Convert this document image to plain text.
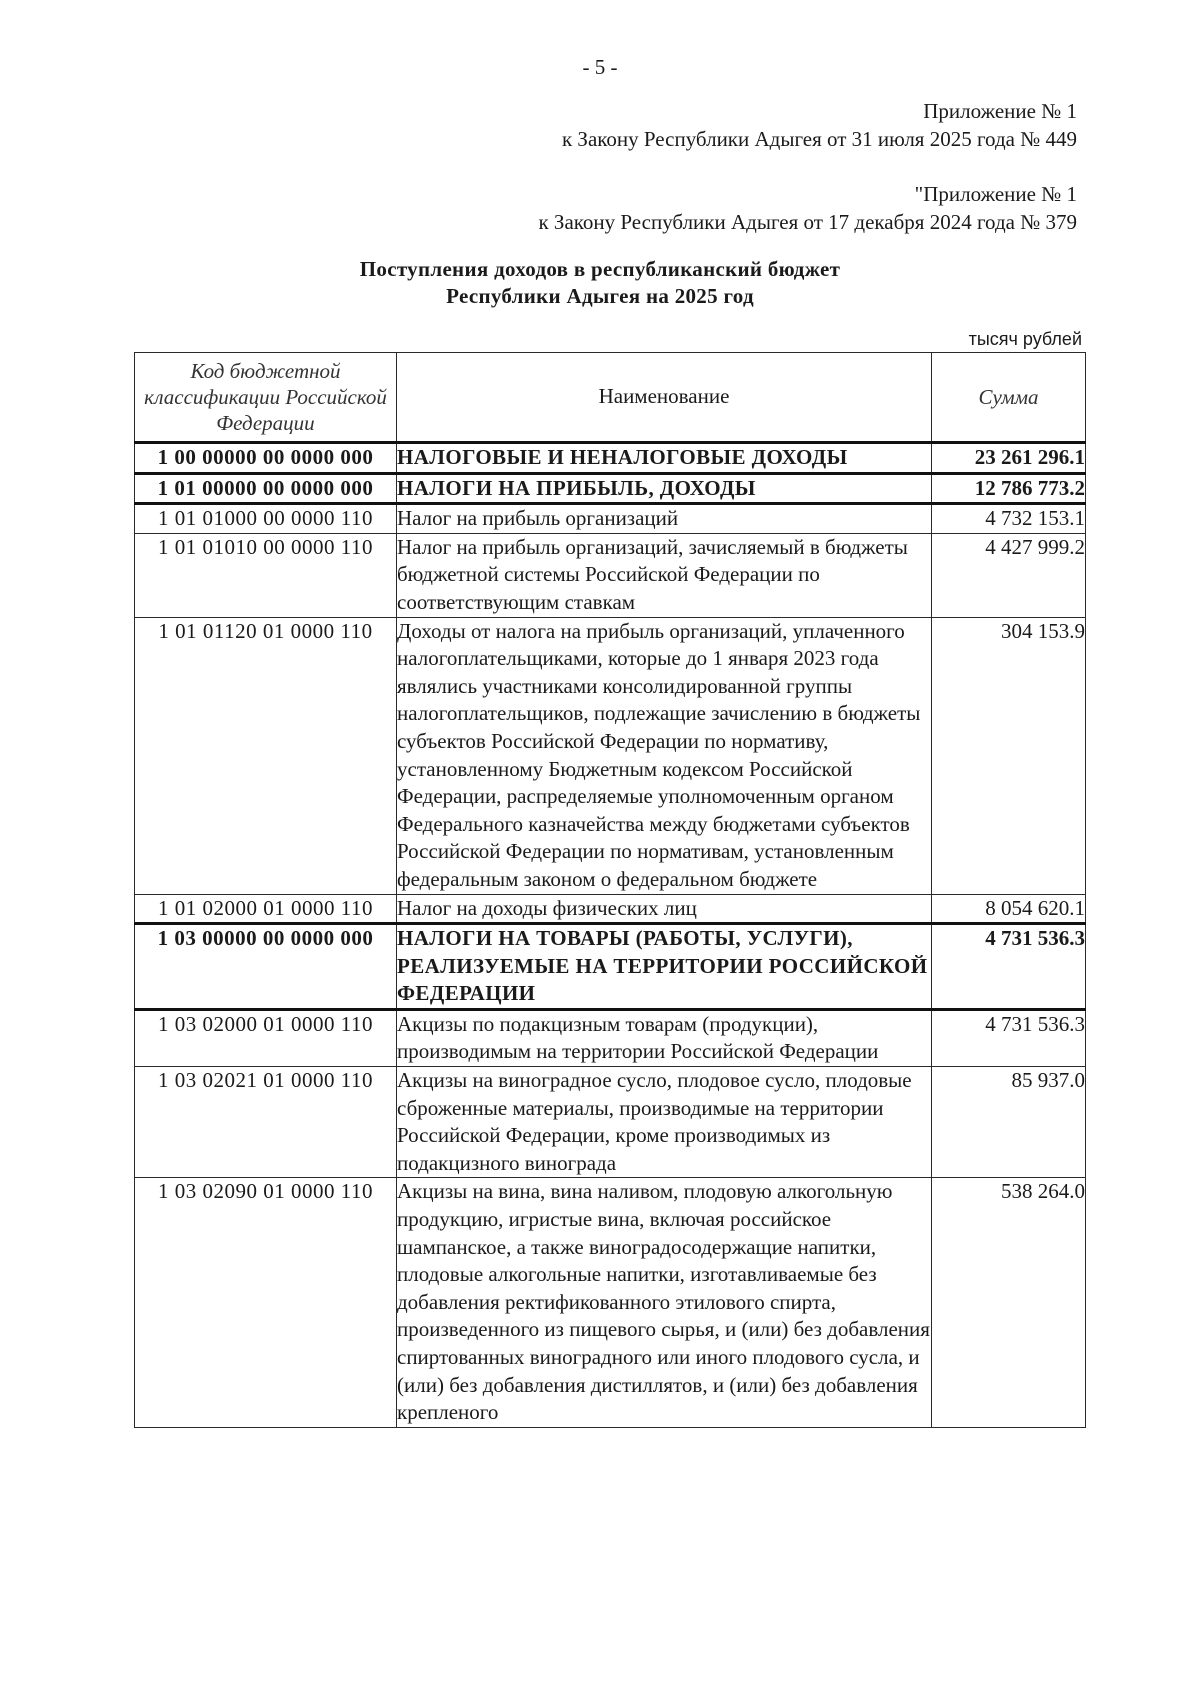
- 5 -
Приложение № 1
к Закону Республики Адыгея от 31 июля 2025 года № 449
"Приложение № 1
к Закону Республики Адыгея от 17 декабря 2024 года № 379
Поступления доходов в республиканский бюджет
Республики Адыгея на 2025 год
тысяч рублей
Код бюджетной классификации Российской Федерации	Наименование	Сумма
1 00 00000 00 0000 000	НАЛОГОВЫЕ И НЕНАЛОГОВЫЕ ДОХОДЫ	23 261 296.1
1 01 00000 00 0000 000	НАЛОГИ НА ПРИБЫЛЬ, ДОХОДЫ	12 786 773.2
1 01 01000 00 0000 110	Налог на прибыль организаций	4 732 153.1
1 01 01010 00 0000 110	Налог на прибыль организаций, зачисляемый в бюджеты бюджетной системы Российской Федерации по соответствующим ставкам	4 427 999.2
1 01 01120 01 0000 110	Доходы от налога на прибыль организаций, уплаченного налогоплательщиками, которые до 1 января 2023 года являлись участниками консолидированной группы налогоплательщиков, подлежащие зачислению в бюджеты субъектов Российской Федерации по нормативу, установленному Бюджетным кодексом Российской Федерации, распределяемые уполномоченным органом Федерального казначейства между бюджетами субъектов Российской Федерации по нормативам, установленным федеральным законом о федеральном бюджете	304 153.9
1 01 02000 01 0000 110	Налог на доходы физических лиц	8 054 620.1
1 03 00000 00 0000 000	НАЛОГИ НА ТОВАРЫ (РАБОТЫ, УСЛУГИ), РЕАЛИЗУЕМЫЕ НА ТЕРРИТОРИИ РОССИЙСКОЙ ФЕДЕРАЦИИ	4 731 536.3
1 03 02000 01 0000 110	Акцизы по подакцизным товарам (продукции), производимым на территории Российской Федерации	4 731 536.3
1 03 02021 01 0000 110	Акцизы на виноградное сусло, плодовое сусло, плодовые сброженные материалы, производимые на территории Российской Федерации, кроме производимых из подакцизного винограда	85 937.0
1 03 02090 01 0000 110	Акцизы на вина, вина наливом, плодовую алкогольную продукцию, игристые вина, включая российское шампанское, а также виноградосодержащие напитки, плодовые алкогольные напитки, изготавливаемые без добавления ректификованного этилового спирта, произведенного из пищевого сырья, и (или) без добавления спиртованных виноградного или иного плодового сусла, и (или) без добавления дистиллятов, и (или) без добавления крепленого	538 264.0
